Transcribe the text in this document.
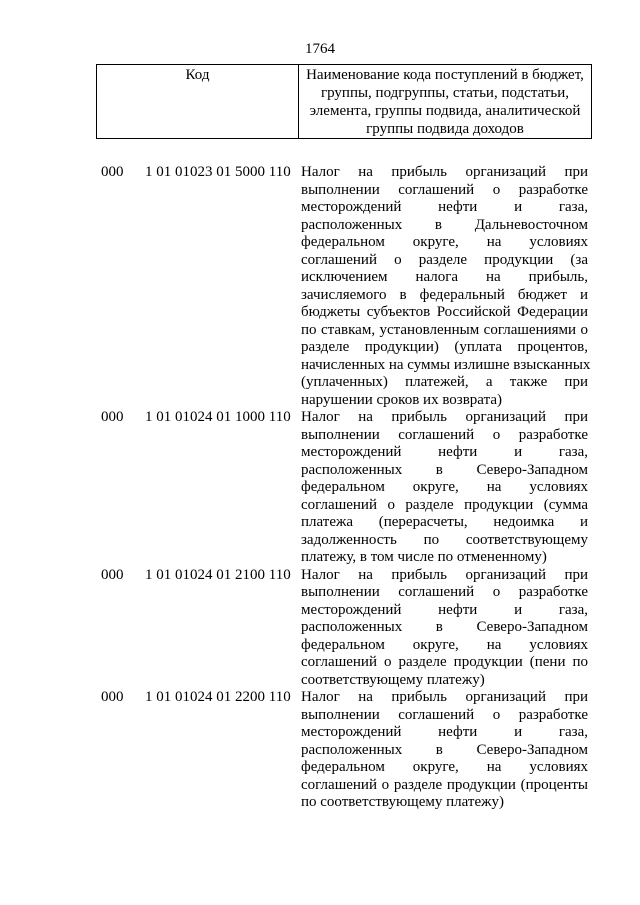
1764
Код	Наименование кода поступлений в бюджет,
группы, подгруппы, статьи, подстатьи,
элемента, группы подвида, аналитической
группы подвида доходов
000	1 01 01023 01 5000 110 Налог на прибыль организаций при
выполнении соглашений о разработке
месторождений нефти и газа,
расположенных в Дальневосточном
федеральном округе, на условиях
соглашений о разделе продукции (за
исключением налога на прибыль,
зачисляемого в федеральный бюджет и
бюджеты субъектов Российской Федерации
по ставкам, установленным соглашениями о
разделе продукции) (уплата процентов,
начисленных на суммы излишне взысканных
(уплаченных) платежей, а также при
нарушении сроков их возврата)
000	1 01 01024 01 1000 110 Налог на прибыль организаций при
выполнении соглашений о разработке
месторождений нефти и газа,
расположенных в Северо-Западном
федеральном округе, на условиях
соглашений о разделе продукции (сумма
платежа (перерасчеты, недоимка и
задолженность по соответствующему
платежу, в том числе по отмененному)
000	1 01 01024 01 2100 110 Налог на прибыль организаций при
выполнении соглашений о разработке
месторождений нефти и газа,
расположенных в Северо-Западном
федеральном округе, на условиях
соглашений о разделе продукции (пени по
соответствующему платежу)
000	1 01 01024 01 2200 110 Налог на прибыль организаций при
выполнении соглашений о разработке
месторождений нефти и газа,
расположенных в Северо-Западном
федеральном округе, на условиях
соглашений о разделе продукции (проценты
по соответствующему платежу)
